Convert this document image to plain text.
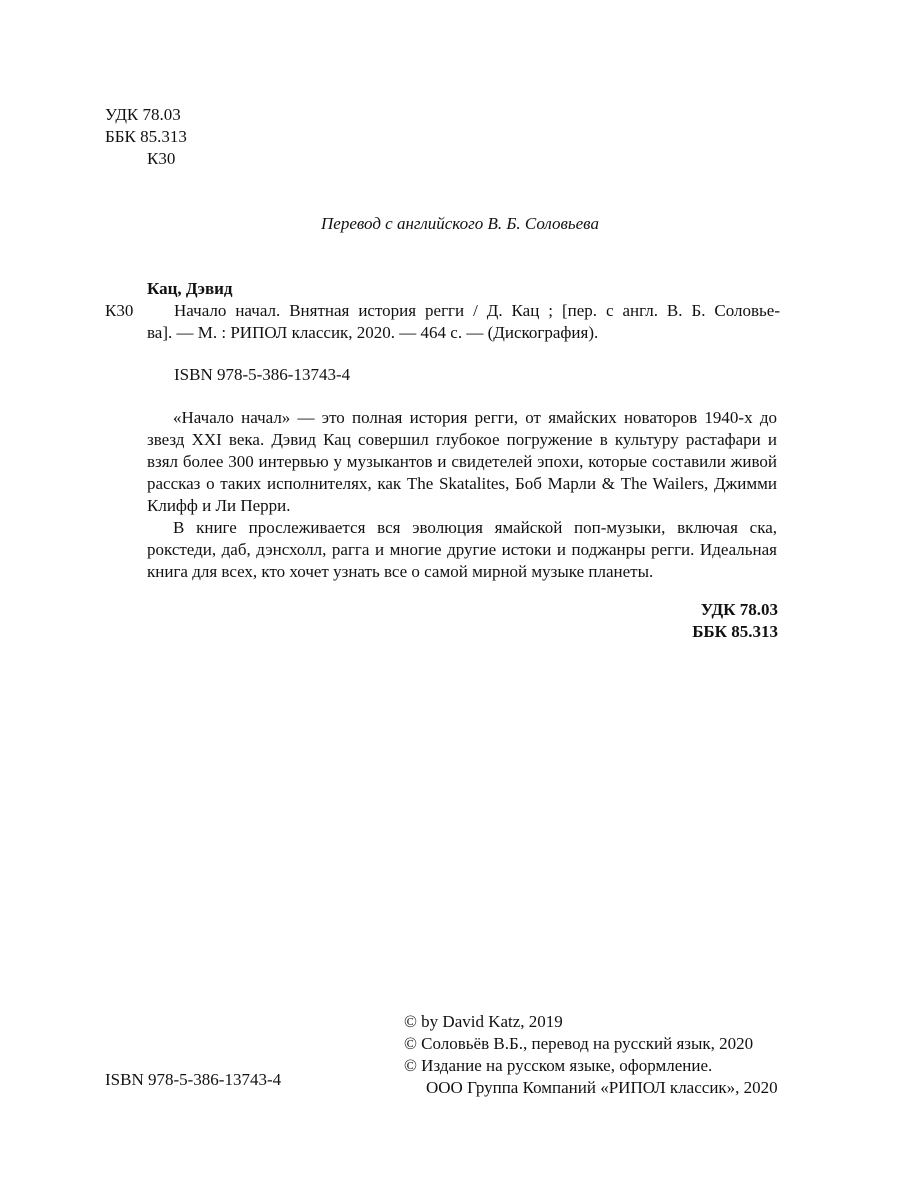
УДК 78.03
ББК 85.313
К30
Перевод с английского В. Б. Соловьева
Кац, Дэвид
К30 Начало начал. Внятная история регги / Д. Кац ; [пер. с англ. В. Б. Соловье-
ва]. — М. : РИПОЛ классик, 2020. — 464 с. — (Дискография).
ISBN 978-5-386-13743-4

«Начало начал» — это полная история регги, от ямайских новаторов 1940-х до звезд XXI века. Дэвид Кац совершил глубокое погружение в культуру растафари и взял более 300 интервью у музыкантов и свидетелей эпохи, которые составили живой рассказ о таких исполнителях, как The Skatalites, Боб Марли & The Wailers, Джимми Клифф и Ли Перри.

В книге прослеживается вся эволюция ямайской поп-музыки, включая ска, рокстеди, даб, дэнсхолл, рагга и многие другие истоки и поджанры регги. Идеальная книга для всех, кто хочет узнать все о самой мирной музыке планеты.

УДК 78.03
ББК 85.313
ISBN 978-5-386-13743-4
© by David Katz, 2019
© Соловьёв В.Б., перевод на русский язык, 2020
© Издание на русском языке, оформление.
ООО Группа Компаний «РИПОЛ классик», 2020
